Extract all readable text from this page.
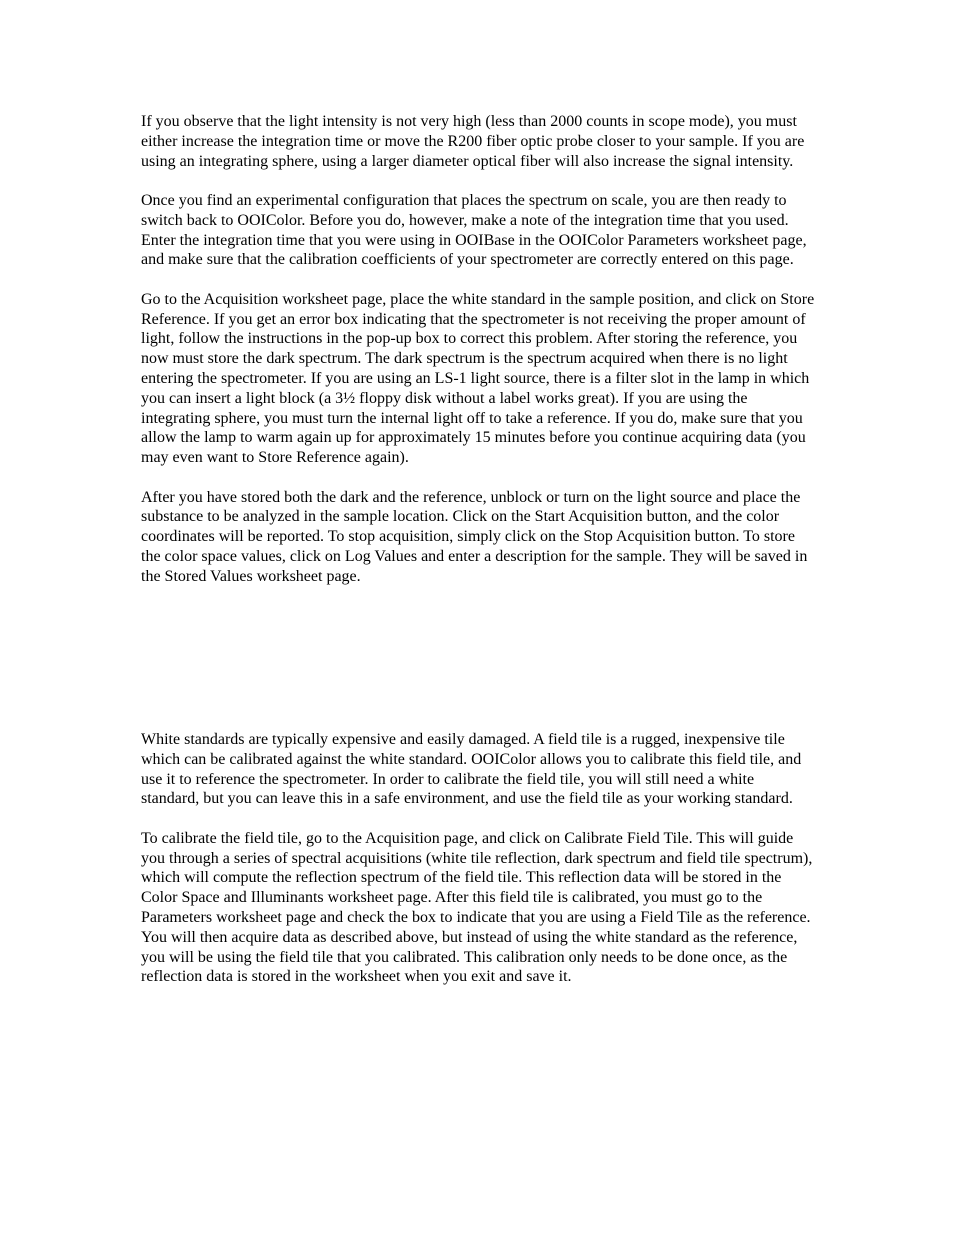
If you observe that the light intensity is not very high (less than 2000 counts in scope mode), you must either increase the integration time or move the R200 fiber optic probe closer to your sample. If you are using an integrating sphere, using a larger diameter optical fiber will also increase the signal intensity.

Once you find an experimental configuration that places the spectrum on scale, you are then ready to switch back to OOIColor. Before you do, however, make a note of the integration time that you used. Enter the integration time that you were using in OOIBase in the OOIColor Parameters worksheet page, and make sure that the calibration coefficients of your spectrometer are correctly entered on this page.

Go to the Acquisition worksheet page, place the white standard in the sample position, and click on Store Reference. If you get an error box indicating that the spectrometer is not receiving the proper amount of light, follow the instructions in the pop-up box to correct this problem. After storing the reference, you now must store the dark spectrum. The dark spectrum is the spectrum acquired when there is no light entering the spectrometer. If you are using an LS-1 light source, there is a filter slot in the lamp in which you can insert a light block (a 3½ floppy disk without a label works great). If you are using the integrating sphere, you must turn the internal light off to take a reference. If you do, make sure that you allow the lamp to warm again up for approximately 15 minutes before you continue acquiring data (you may even want to Store Reference again).

After you have stored both the dark and the reference, unblock or turn on the light source and place the substance to be analyzed in the sample location. Click on the Start Acquisition button, and the color coordinates will be reported. To stop acquisition, simply click on the Stop Acquisition button. To store the color space values, click on Log Values and enter a description for the sample. They will be saved in the Stored Values worksheet page.

White standards are typically expensive and easily damaged. A field tile is a rugged, inexpensive tile which can be calibrated against the white standard. OOIColor allows you to calibrate this field tile, and use it to reference the spectrometer. In order to calibrate the field tile, you will still need a white standard, but you can leave this in a safe environment, and use the field tile as your working standard.

To calibrate the field tile, go to the Acquisition page, and click on Calibrate Field Tile. This will guide you through a series of spectral acquisitions (white tile reflection, dark spectrum and field tile spectrum), which will compute the reflection spectrum of the field tile. This reflection data will be stored in the Color Space and Illuminants worksheet page. After this field tile is calibrated, you must go to the Parameters worksheet page and check the box to indicate that you are using a Field Tile as the reference. You will then acquire data as described above, but instead of using the white standard as the reference, you will be using the field tile that you calibrated. This calibration only needs to be done once, as the reflection data is stored in the worksheet when you exit and save it.
